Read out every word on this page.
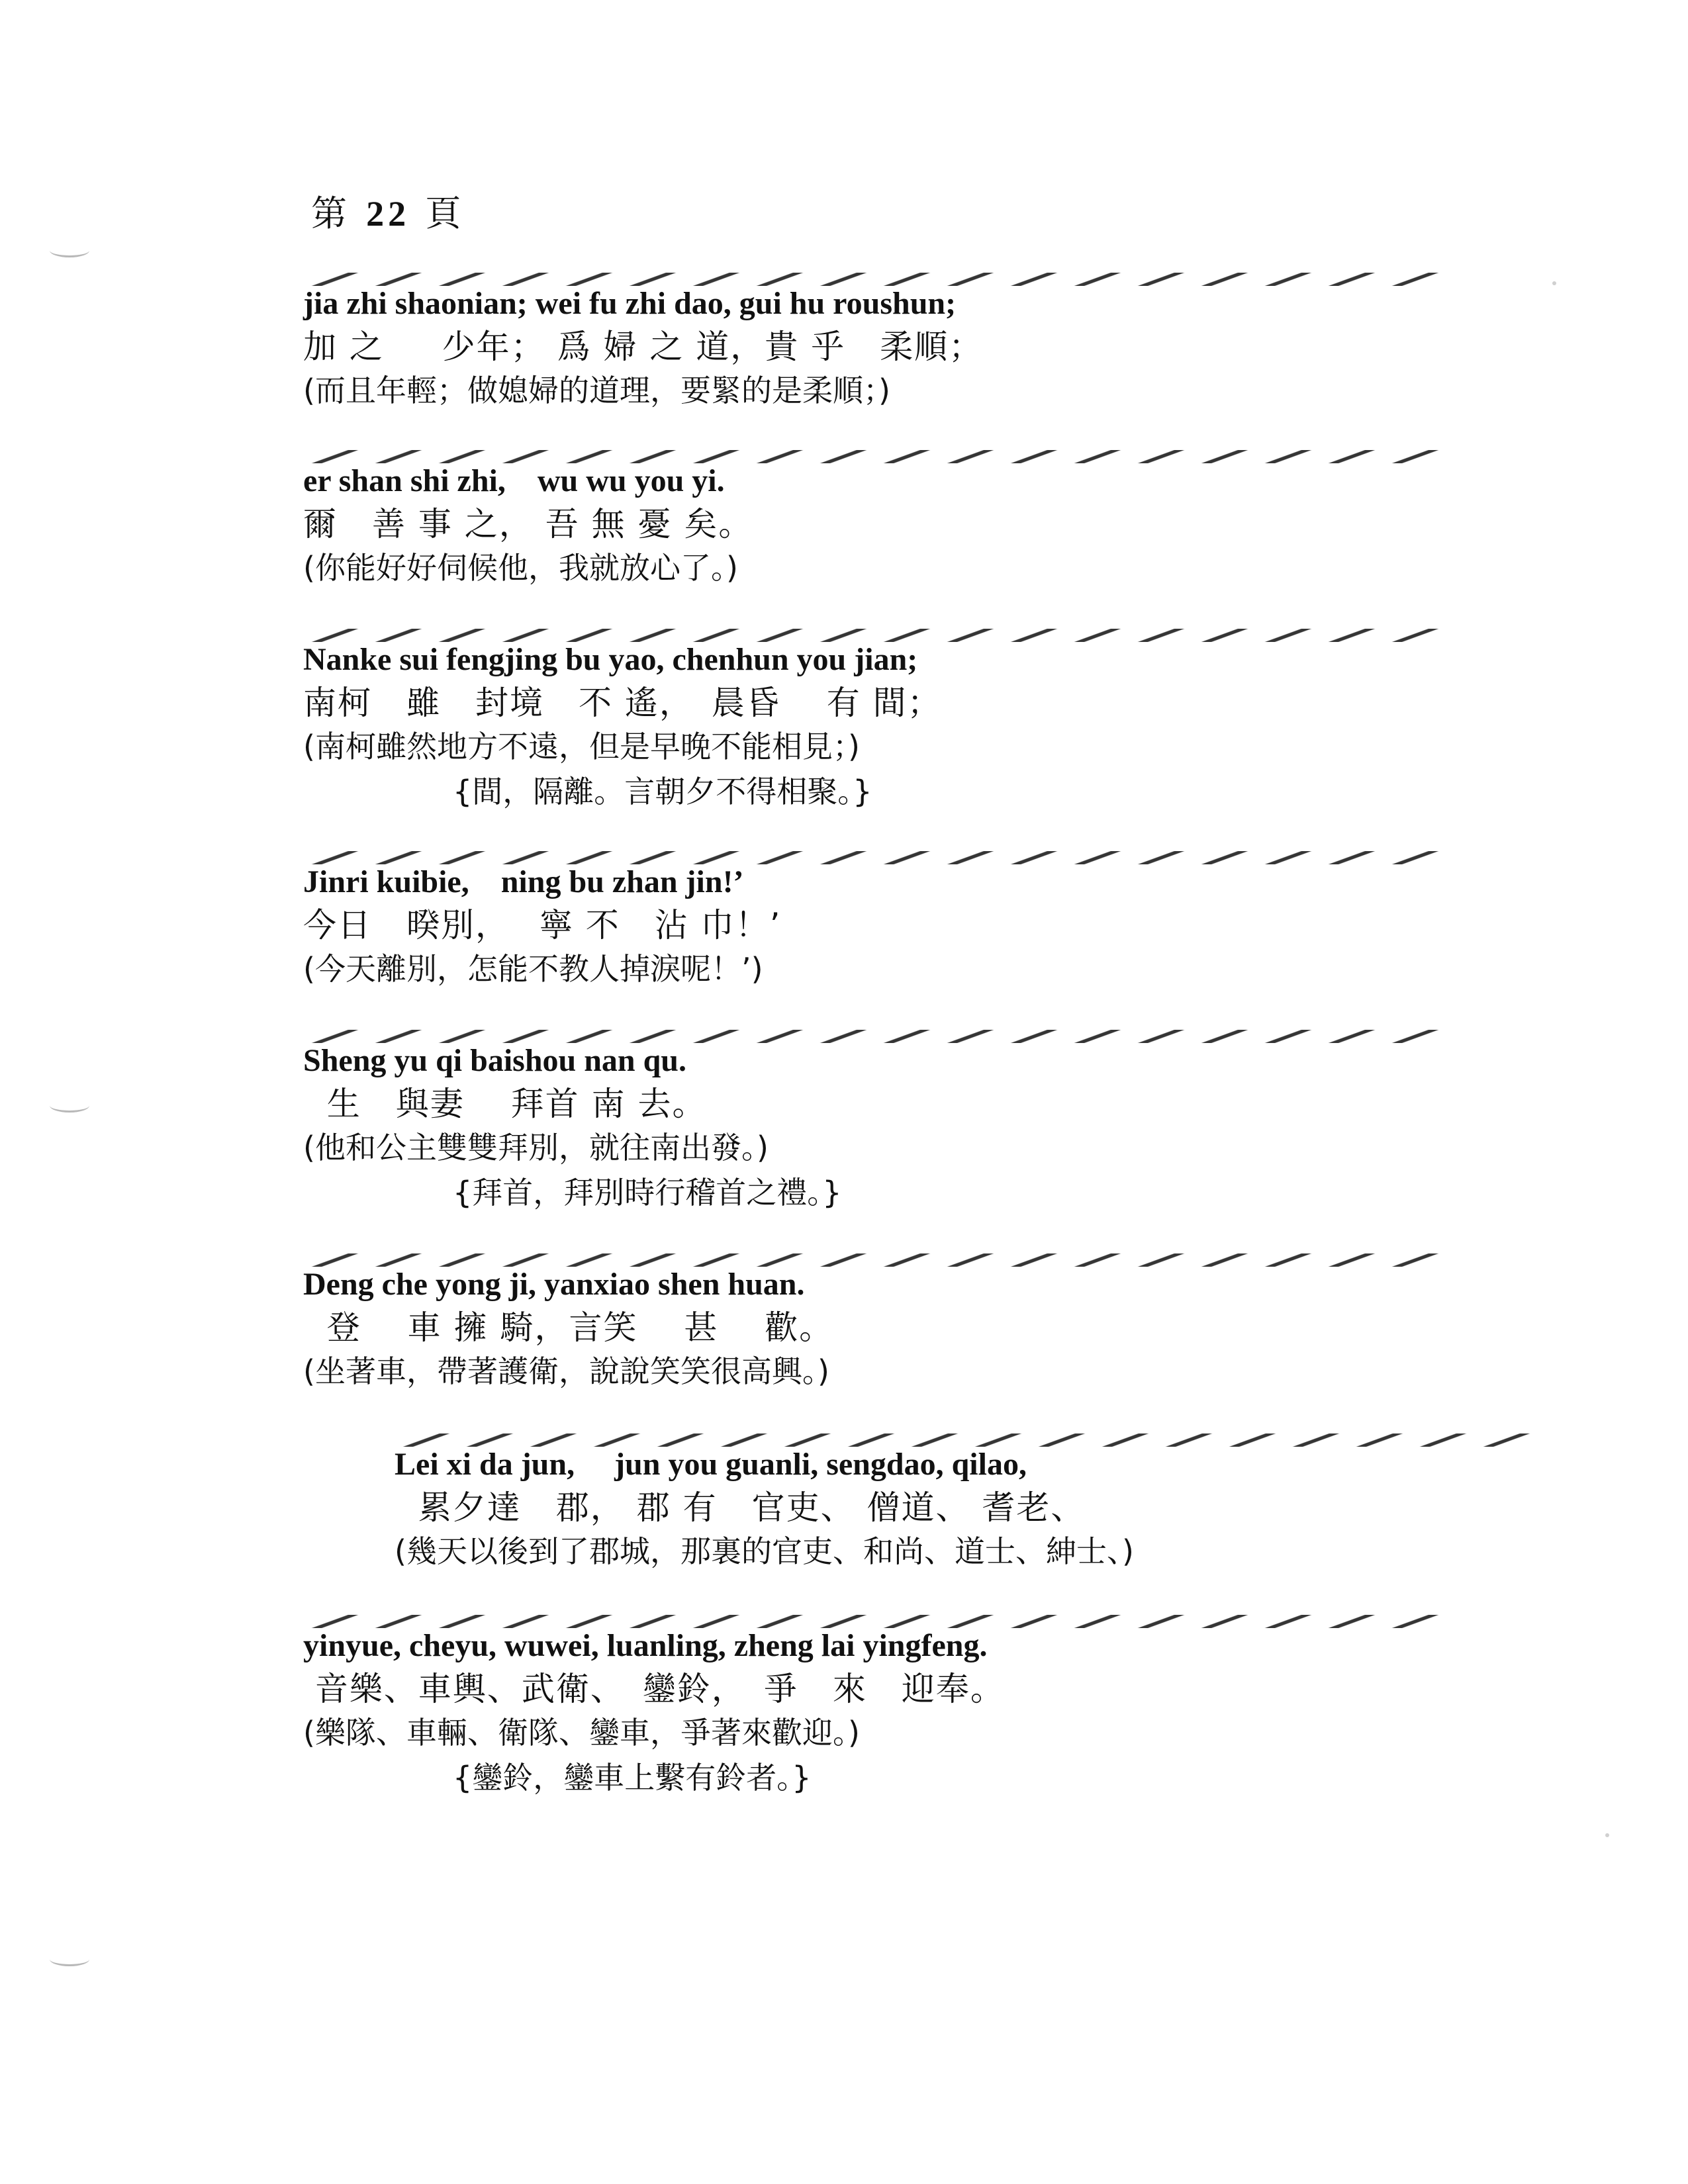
第 22 頁
jia zhi shaonian; wei fu zhi dao, gui hu roushun;
加 之　  少年； 爲 婦 之 道，貴 乎　柔順；
(而且年輕；做媳婦的道理，要緊的是柔順；)
er shan shi zhi,    wu wu you yi.
爾　善 事 之， 吾 無 憂 矣。
(你能好好伺候他，我就放心了。)
Nanke sui fengjing bu yao, chenhun you jian;
南柯　雖　封境　不 遙，　晨昏　 有 間；
(南柯雖然地方不遠，但是早晚不能相見；)
{間，隔離。言朝夕不得相聚。}
Jinri kuibie,    ning bu zhan jin!’
今日　暌別，　 寧 不　沾 巾！’
(今天離別，怎能不教人掉淚呢！’)
Sheng yu qi baishou nan qu.
生　與妻　 拜首 南 去。
(他和公主雙雙拜別，就往南出發。)
{拜首，拜別時行稽首之禮。}
Deng che yong ji, yanxiao shen huan.
登　 車 擁 騎，言笑　 甚　 歡。
(坐著車，帶著護衛，說說笑笑很高興。)
Lei xi da jun,     jun you guanli, sengdao, qilao,
累夕達　郡， 郡 有　官吏、 僧道、 耆老、
(幾天以後到了郡城，那裏的官吏、和尚、道士、紳士、)
yinyue, cheyu, wuwei, luanling, zheng lai yingfeng.
音樂、車輿、武衛、　鑾鈴，　爭　來　迎奉。
(樂隊、車輛、衛隊、鑾車，爭著來歡迎。)
{鑾鈴，鑾車上繫有鈴者。}
